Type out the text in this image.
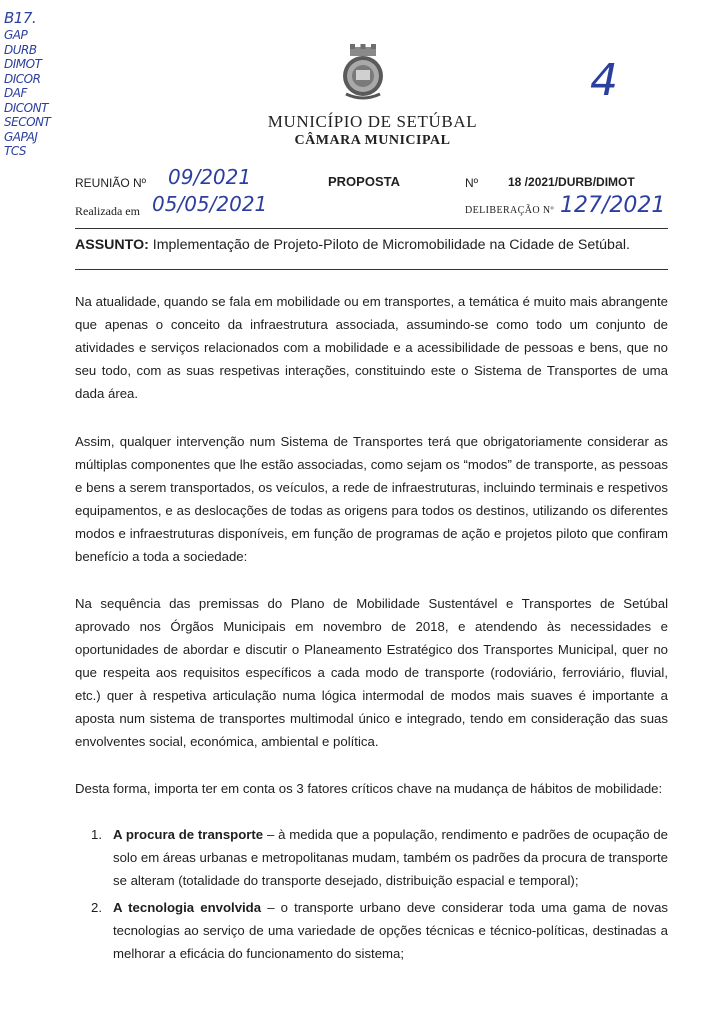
B17.
GAP
DURB
DIMOT
DICOR
DAF
DICONT
SECONT
GAPAJ
TCS
4
MUNICÍPIO DE SETÚBAL
CÂMARA MUNICIPAL
REUNIÃO Nº 09/2021	PROPOSTA	Nº 18 /2021/DURB/DIMOT
Realizada em 05/05/2021	DELIBERAÇÃO Nº 127/2021
ASSUNTO: Implementação de Projeto-Piloto de Micromobilidade na Cidade de Setúbal.
Na atualidade, quando se fala em mobilidade ou em transportes, a temática é muito mais abrangente que apenas o conceito da infraestrutura associada, assumindo-se como todo um conjunto de atividades e serviços relacionados com a mobilidade e a acessibilidade de pessoas e bens, que no seu todo, com as suas respetivas interações, constituindo este o Sistema de Transportes de uma dada área.
Assim, qualquer intervenção num Sistema de Transportes terá que obrigatoriamente considerar as múltiplas componentes que lhe estão associadas, como sejam os “modos” de transporte, as pessoas e bens a serem transportados, os veículos, a rede de infraestruturas, incluindo terminais e respetivos equipamentos, e as deslocações de todas as origens para todos os destinos, utilizando os diferentes modos e infraestruturas disponíveis, em função de programas de ação e projetos piloto que confiram benefício a toda a sociedade:
Na sequência das premissas do Plano de Mobilidade Sustentável e Transportes de Setúbal aprovado nos Órgãos Municipais em novembro de 2018, e atendendo às necessidades e oportunidades de abordar e discutir o Planeamento Estratégico dos Transportes Municipal, quer no que respeita aos requisitos específicos a cada modo de transporte (rodoviário, ferroviário, fluvial, etc.) quer à respetiva articulação numa lógica intermodal de modos mais suaves é importante a aposta num sistema de transportes multimodal único e integrado, tendo em consideração das suas envolventes social, económica, ambiental e política.
Desta forma, importa ter em conta os 3 fatores críticos chave na mudança de hábitos de mobilidade:
1. A procura de transporte – à medida que a população, rendimento e padrões de ocupação de solo em áreas urbanas e metropolitanas mudam, também os padrões da procura de transporte se alteram (totalidade do transporte desejado, distribuição espacial e temporal);
2. A tecnologia envolvida – o transporte urbano deve considerar toda uma gama de novas tecnologias ao serviço de uma variedade de opções técnicas e técnico-políticas, destinadas a melhorar a eficácia do funcionamento do sistema;
